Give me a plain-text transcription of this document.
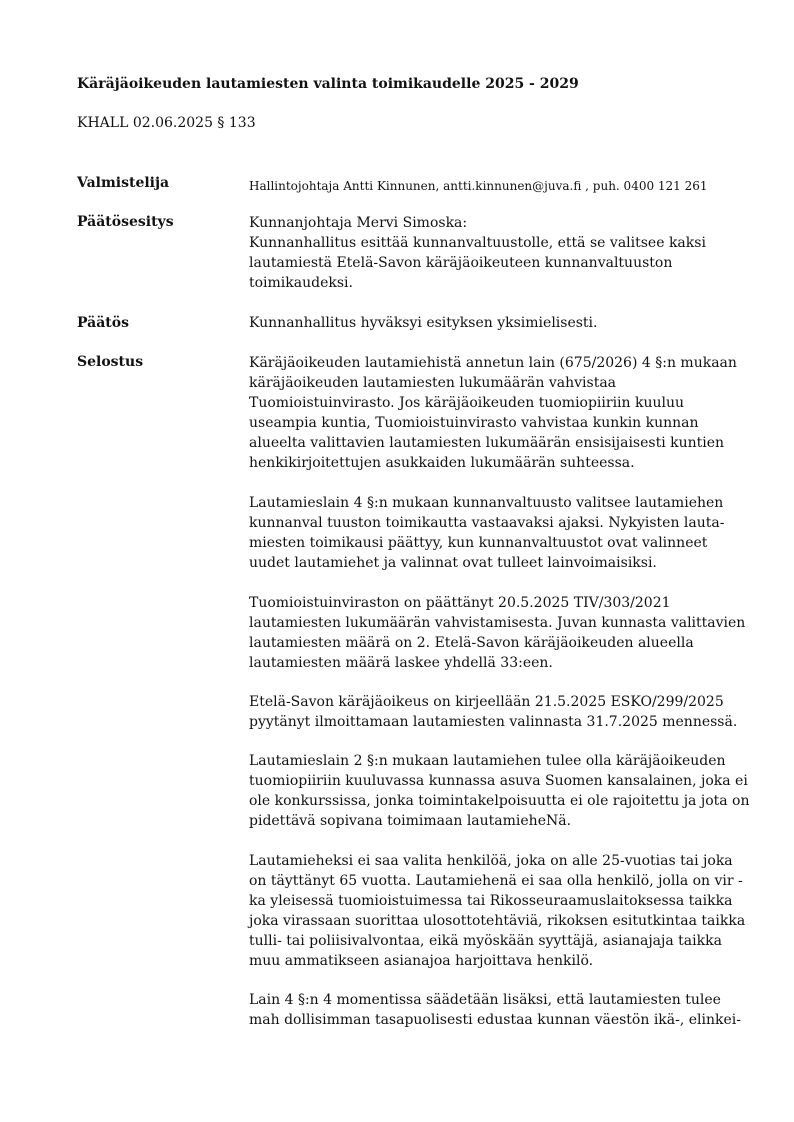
Käräjäoikeuden lautamiesten valinta toimikaudelle 2025 - 2029
KHALL 02.06.2025 § 133
Valmistelija	Hallintojohtaja Antti Kinnunen, antti.kinnunen@juva.fi , puh. 0400 121 261
Päätösesitys	Kunnanjohtaja Mervi Simoska:
Kunnanhallitus esittää kunnanvaltuustolle, että se valitsee kaksi
lautamiestä Etelä-Savon käräjäoikeuteen kunnanvaltuuston
toimikaudeksi.
Päätös	Kunnanhallitus hyväksyi esityksen yksimielisesti.
Selostus	Käräjäoikeuden lautamiehistä annetun lain (675/2026) 4 §:n mukaan
käräjäoikeuden lautamiesten lukumäärän vahvistaa
Tuomioistuinvirasto. Jos käräjäoikeuden tuomiopiiriin kuuluu
useampia kuntia, Tuomioistuinvirasto vahvistaa kunkin kunnan
alueelta valittavien lautamiesten lukumäärän ensisijaisesti kuntien
henkikirjoitettujen asukkaiden lukumäärän suhteessa.
Lautamieslain 4 §:n mukaan kunnanvaltuusto valitsee lautamiehen
kunnanval tuuston toimikautta vastaavaksi ajaksi. Nykyisten lauta-
miesten toimikausi päättyy, kun kunnanvaltuustot ovat valinneet
uudet lautamiehet ja valinnat ovat tulleet lainvoimaisiksi.
Tuomioistuinviraston on päättänyt 20.5.2025 TIV/303/2021
lautamiesten lukumäärän vahvistamisesta. Juvan kunnasta valittavien
lautamiesten määrä on 2. Etelä-Savon käräjäoikeuden alueella
lautamiesten määrä laskee yhdellä 33:een.
Etelä-Savon käräjäoikeus on kirjeellään 21.5.2025 ESKO/299/2025
pyytänyt ilmoittamaan lautamiesten valinnasta 31.7.2025 mennessä.
Lautamieslain 2 §:n mukaan lautamiehen tulee olla käräjäoikeuden
tuomiopiiriin kuuluvassa kunnassa asuva Suomen kansalainen, joka ei
ole konkurssissa, jonka toimintakelpoisuutta ei ole rajoitettu ja jota on
pidettävä sopivana toimimaan lautamieheNä.
Lautamieheksi ei saa valita henkilöä, joka on alle 25-vuotias tai joka
on täyttänyt 65 vuotta. Lautamiehenä ei saa olla henkilö, jolla on vir -
ka yleisessä tuomioistuimessa tai Rikosseuraamuslaitoksessa taikka
joka virassaan suorittaa ulosottotehtäviä, rikoksen esitutkintaa taikka
tulli- tai poliisivalvontaa, eikä myöskään syyttäjä, asianajaja taikka
muu ammatikseen asianajoa harjoittava henkilö.
Lain 4 §:n 4 momentissa säädetään lisäksi, että lautamiesten tulee
mah dollisimman tasapuolisesti edustaa kunnan väestön ikä-, elinkei-
